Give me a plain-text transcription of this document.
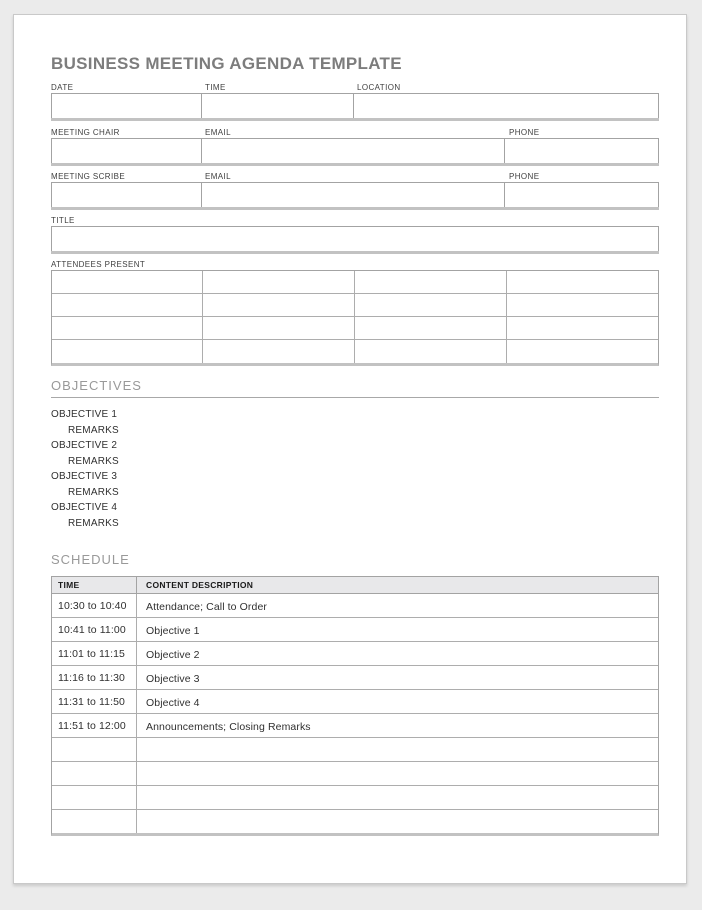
BUSINESS MEETING AGENDA TEMPLATE
DATE	TIME	LOCATION
MEETING CHAIR	EMAIL	PHONE
MEETING SCRIBE	EMAIL	PHONE
TITLE
ATTENDEES PRESENT
OBJECTIVES
OBJECTIVE 1
REMARKS
OBJECTIVE 2
REMARKS
OBJECTIVE 3
REMARKS
OBJECTIVE 4
REMARKS
SCHEDULE
TIME	CONTENT DESCRIPTION
10:30 to 10:40	Attendance; Call to Order
10:41 to 11:00	Objective 1
11:01 to 11:15	Objective 2
11:16 to 11:30	Objective 3
11:31 to 11:50	Objective 4
11:51 to 12:00	Announcements; Closing Remarks
